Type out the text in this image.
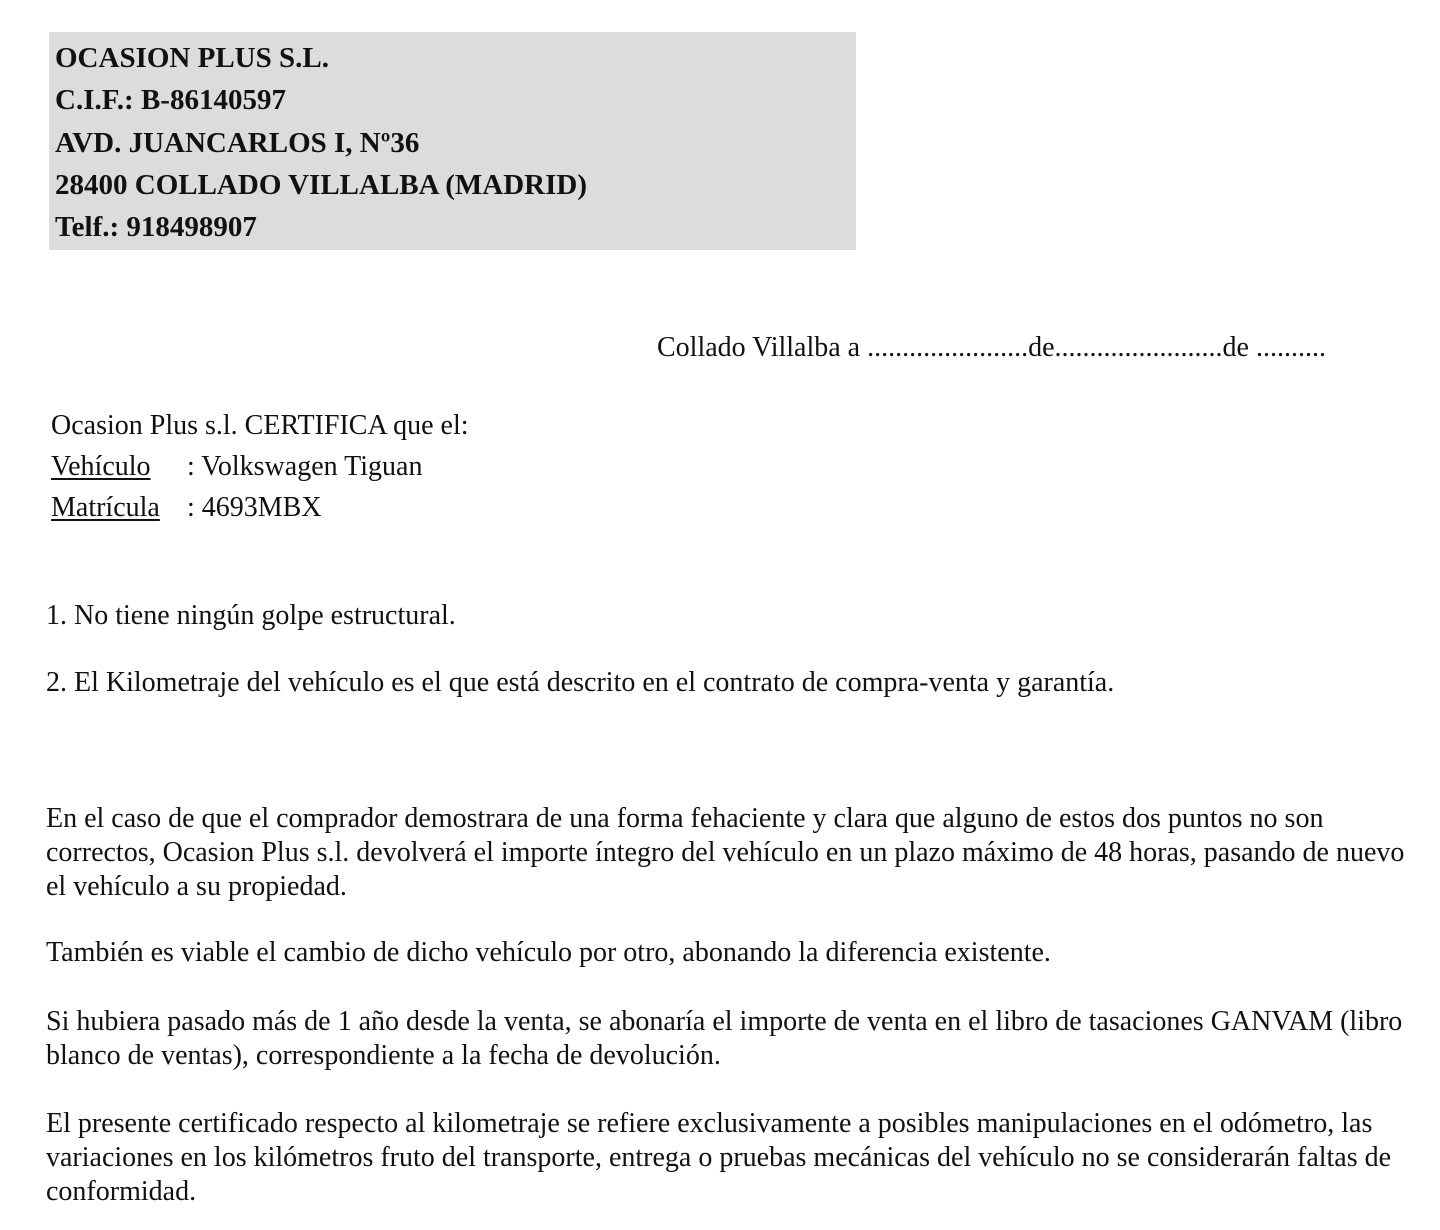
OCASION PLUS S.L.
C.I.F.: B-86140597
AVD. JUANCARLOS I, Nº36
28400 COLLADO VILLALBA (MADRID)
Telf.: 918498907
Collado Villalba a .......................de........................de ..........
Ocasion Plus s.l. CERTIFICA que el:
Vehículo : Volkswagen Tiguan
Matrícula : 4693MBX
1. No tiene ningún golpe estructural.
2. El Kilometraje del vehículo es el que está descrito en el contrato de compra-venta y garantía.
En el caso de que el comprador demostrara de una forma fehaciente y clara que alguno de estos dos puntos no son correctos, Ocasion Plus s.l. devolverá el importe íntegro del vehículo en un plazo máximo de 48 horas, pasando de nuevo el vehículo a su propiedad.
También es viable el cambio de dicho vehículo por otro, abonando la diferencia existente.
Si hubiera pasado más de 1 año desde la venta, se abonaría el importe de venta en el libro de tasaciones GANVAM (libro blanco de ventas), correspondiente a la fecha de devolución.
El presente certificado respecto al kilometraje se refiere exclusivamente a posibles manipulaciones en el odómetro, las variaciones en los kilómetros fruto del transporte, entrega o pruebas mecánicas del vehículo no se considerarán faltas de conformidad.
